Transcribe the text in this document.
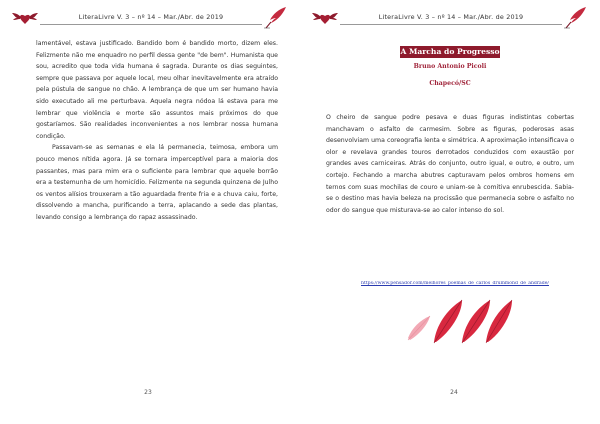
LiteraLivre V. 3 – nº 14 – Mar./Abr. de 2019

lamentável, estava justificado. Bandido bom é bandido morto, dizem eles. Felizmente não me enquadro no perfil dessa gente "de bem". Humanista que sou, acredito que toda vida humana é sagrada. Durante os dias seguintes, sempre que passava por aquele local, meu olhar inevitavelmente era atraído pela pústula de sangue no chão. A lembrança de que um ser humano havia sido executado ali me perturbava. Aquela negra nódoa lá estava para me lembrar que violência e morte são assuntos mais próximos do que gostaríamos. São realidades inconvenientes a nos lembrar nossa humana condição.

Passavam-se as semanas e ela lá permanecia, teimosa, embora um pouco menos nítida agora. Já se tornara imperceptível para a maioria dos passantes, mas para mim era o suficiente para lembrar que aquele borrão era a testemunha de um homicídio. Felizmente na segunda quinzena de Julho os ventos alísios trouxeram a tão aguardada frente fria e a chuva caiu, forte, dissolvendo a mancha, purificando a terra, aplacando a sede das plantas, levando consigo a lembrança do rapaz assassinado.

23
LiteraLivre V. 3 – nº 14 – Mar./Abr. de 2019
A Marcha do Progresso
Bruno Antonio Picoli
Chapecó/SC

O cheiro de sangue podre pesava e duas figuras indistintas cobertas manchavam o asfalto de carmesim. Sobre as figuras, poderosas asas desenvolviam uma coreografia lenta e simétrica. A aproximação intensificava o olor e revelava grandes touros derrotados conduzidos com exaustão por grandes aves carniceiras. Atrás do conjunto, outro igual, e outro, e outro, um cortejo. Fechando a marcha abutres capturavam pelos ombros homens em ternos com suas mochilas de couro e uniam-se à comitiva enrubescida. Sabia-se o destino mas havia beleza na procissão que permanecia sobre o asfalto no odor do sangue que misturava-se ao calor intenso do sol.

https://www.pensador.com/melhores_poemas_de_carlos_drummond_de_andrade/
24
